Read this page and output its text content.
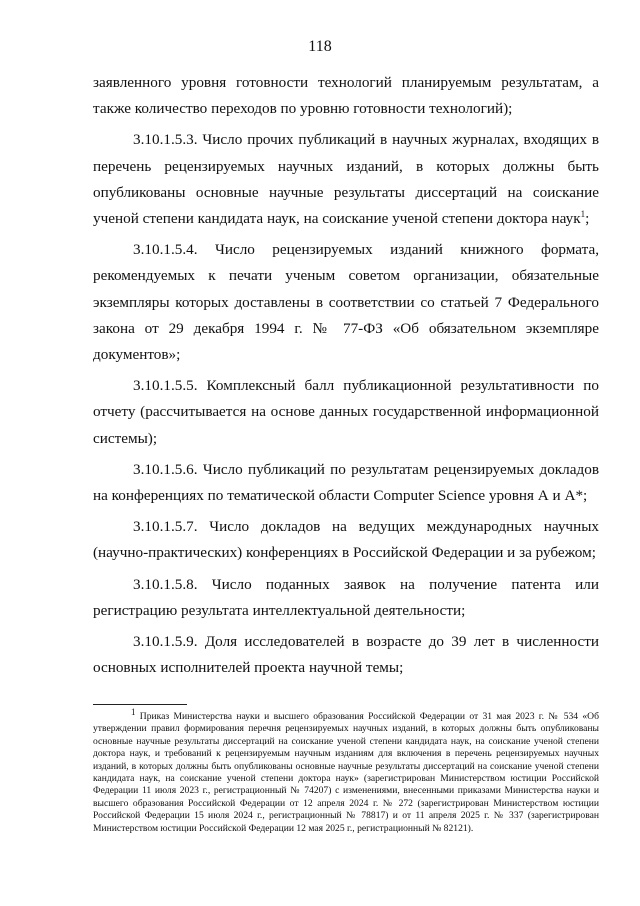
118

заявленного уровня готовности технологий планируемым результатам, а также количество переходов по уровню готовности технологий);

3.10.1.5.3. Число прочих публикаций в научных журналах, входящих в перечень рецензируемых научных изданий, в которых должны быть опубликованы основные научные результаты диссертаций на соискание ученой степени кандидата наук, на соискание ученой степени доктора наук$^1$;

3.10.1.5.4. Число рецензируемых изданий книжного формата, рекомендуемых к печати ученым советом организации, обязательные экземпляры которых доставлены в соответствии со статьей 7 Федерального закона от 29 декабря 1994 г. № 77-ФЗ «Об обязательном экземпляре документов»;

3.10.1.5.5. Комплексный балл публикационной результативности по отчету (рассчитывается на основе данных государственной информационной системы);

3.10.1.5.6. Число публикаций по результатам рецензируемых докладов на конференциях по тематической области Computer Science уровня А и А*;

3.10.1.5.7. Число докладов на ведущих международных научных (научно-практических) конференциях в Российской Федерации и за рубежом;

3.10.1.5.8. Число поданных заявок на получение патента или регистрацию результата интеллектуальной деятельности;

3.10.1.5.9. Доля исследователей в возрасте до 39 лет в численности основных исполнителей проекта научной темы;

$^1$ Приказ Министерства науки и высшего образования Российской Федерации от 31 мая 2023 г. № 534 «Об утверждении правил формирования перечня рецензируемых научных изданий, в которых должны быть опубликованы основные научные результаты диссертаций на соискание ученой степени кандидата наук, на соискание ученой степени доктора наук, и требований к рецензируемым научным изданиям для включения в перечень рецензируемых научных изданий, в которых должны быть опубликованы основные научные результаты диссертаций на соискание ученой степени кандидата наук, на соискание ученой степени доктора наук» (зарегистрирован Министерством юстиции Российской Федерации 11 июля 2023 г., регистрационный № 74207) с изменениями, внесенными приказами Министерства науки и высшего образования Российской Федерации от 12 апреля 2024 г. № 272 (зарегистрирован Министерством юстиции Российской Федерации 15 июля 2024 г., регистрационный № 78817) и от 11 апреля 2025 г. № 337 (зарегистрирован Министерством юстиции Российской Федерации 12 мая 2025 г., регистрационный № 82121).
